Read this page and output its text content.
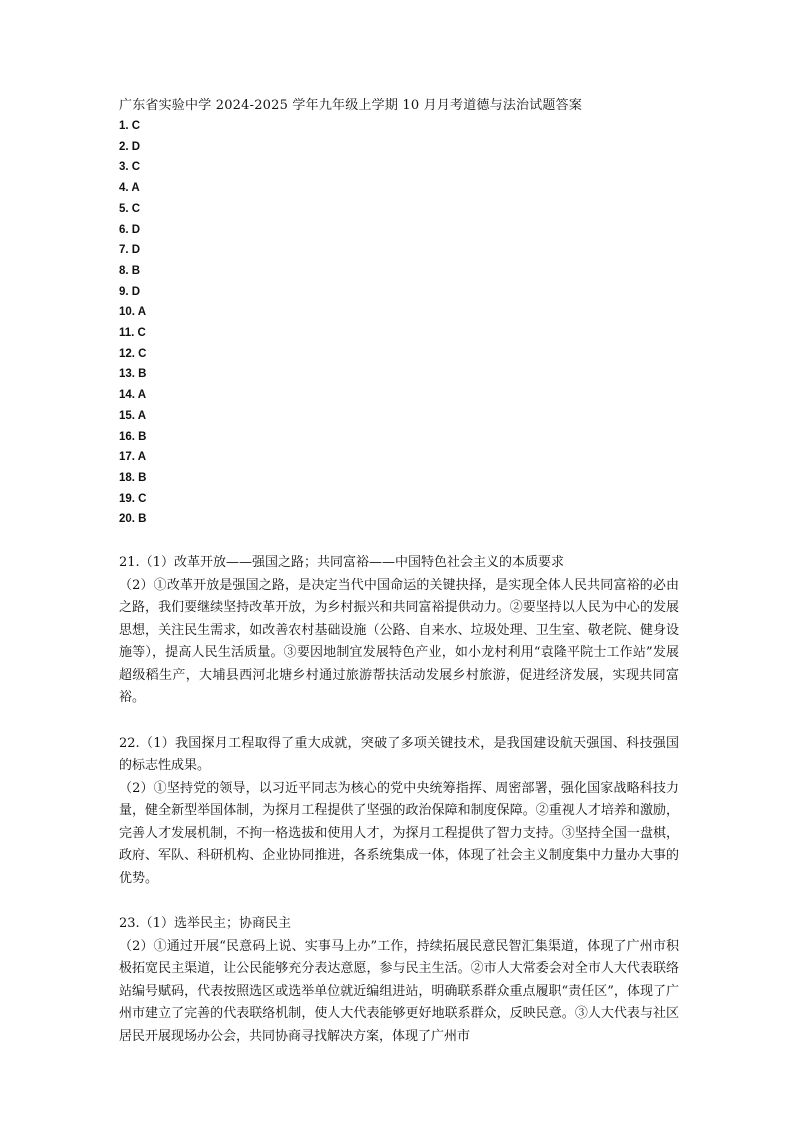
广东省实验中学 2024-2025 学年九年级上学期 10 月月考道德与法治试题答案
1. C
2. D
3. C
4. A
5. C
6. D
7. D
8. B
9. D
10. A
11. C
12. C
13. B
14. A
15. A
16. B
17. A
18. B
19. C
20. B

21.（1）改革开放——强国之路；共同富裕——中国特色社会主义的本质要求

（2）①改革开放是强国之路，是决定当代中国命运的关键抉择，是实现全体人民共同富裕的必由之路，我们要继续坚持改革开放，为乡村振兴和共同富裕提供动力。②要坚持以人民为中心的发展思想，关注民生需求，如改善农村基础设施（公路、自来水、垃圾处理、卫生室、敬老院、健身设施等），提高人民生活质量。③要因地制宜发展特色产业，如小龙村利用“袁隆平院士工作站”发展超级稻生产，大埔县西河北塘乡村通过旅游帮扶活动发展乡村旅游，促进经济发展，实现共同富裕。

22.（1）我国探月工程取得了重大成就，突破了多项关键技术，是我国建设航天强国、科技强国的标志性成果。

（2）①坚持党的领导，以习近平同志为核心的党中央统筹指挥、周密部署，强化国家战略科技力量，健全新型举国体制，为探月工程提供了坚强的政治保障和制度保障。②重视人才培养和激励，完善人才发展机制，不拘一格选拔和使用人才，为探月工程提供了智力支持。③坚持全国一盘棋，政府、军队、科研机构、企业协同推进，各系统集成一体，体现了社会主义制度集中力量办大事的优势。

23.（1）选举民主；协商民主

（2）①通过开展“民意码上说、实事马上办”工作，持续拓展民意民智汇集渠道，体现了广州市积极拓宽民主渠道，让公民能够充分表达意愿，参与民主生活。②市人大常委会对全市人大代表联络站编号赋码，代表按照选区或选举单位就近编组进站，明确联系群众重点履职“责任区”，体现了广州市建立了完善的代表联络机制，使人大代表能够更好地联系群众，反映民意。③人大代表与社区居民开展现场办公会，共同协商寻找解决方案，体现了广州市
